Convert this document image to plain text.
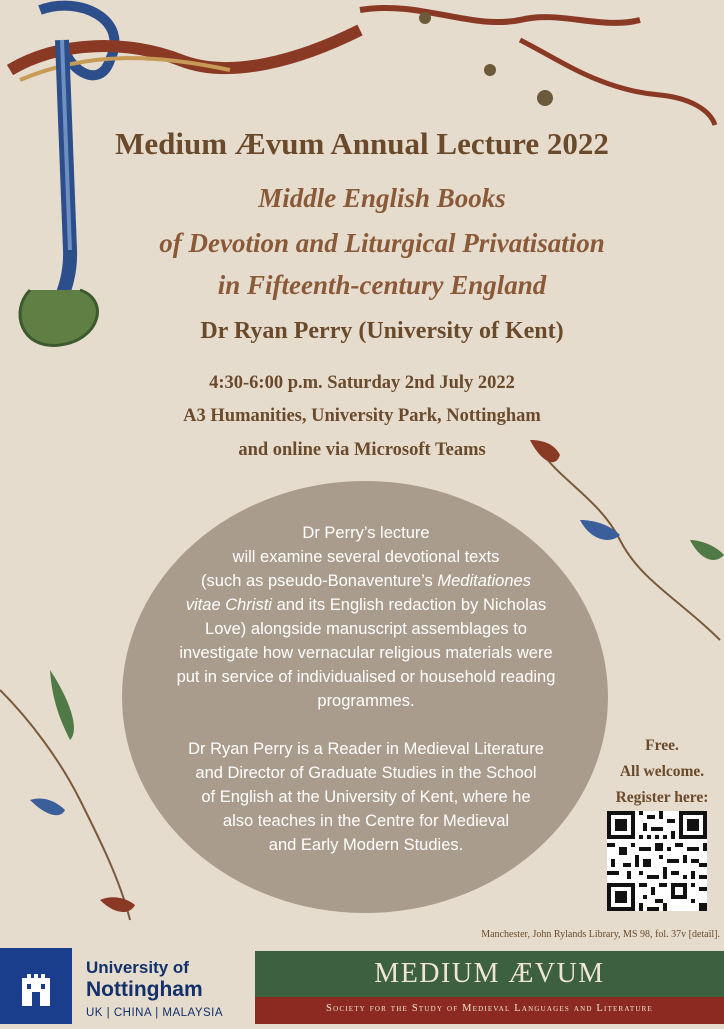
Medium Ævum Annual Lecture 2022
Middle English Books
of Devotion and Liturgical Privatisation
in Fifteenth-century England
Dr Ryan Perry (University of Kent)
4:30-6:00 p.m. Saturday 2nd July 2022
A3 Humanities, University Park, Nottingham
and online via Microsoft Teams

Dr Perry’s lecture

will examine several devotional texts

(such as pseudo-Bonaventure’s Meditationes

vitae Christi and its English redaction by Nicholas

Love) alongside manuscript assemblages to

investigate how vernacular religious materials were

put in service of individualised or household reading

programmes.

Dr Ryan Perry is a Reader in Medieval Literature

and Director of Graduate Studies in the School

of English at the University of Kent, where he

also teaches in the Centre for Medieval

and Early Modern Studies.

Free.
All welcome.
Register here:
Manchester, John Rylands Library, MS 98, fol. 37v [detail].
University of
Nottingham
UK | CHINA | MALAYSIA
MEDIUM ÆVUM
Society for the Study of Medieval Languages and Literature
